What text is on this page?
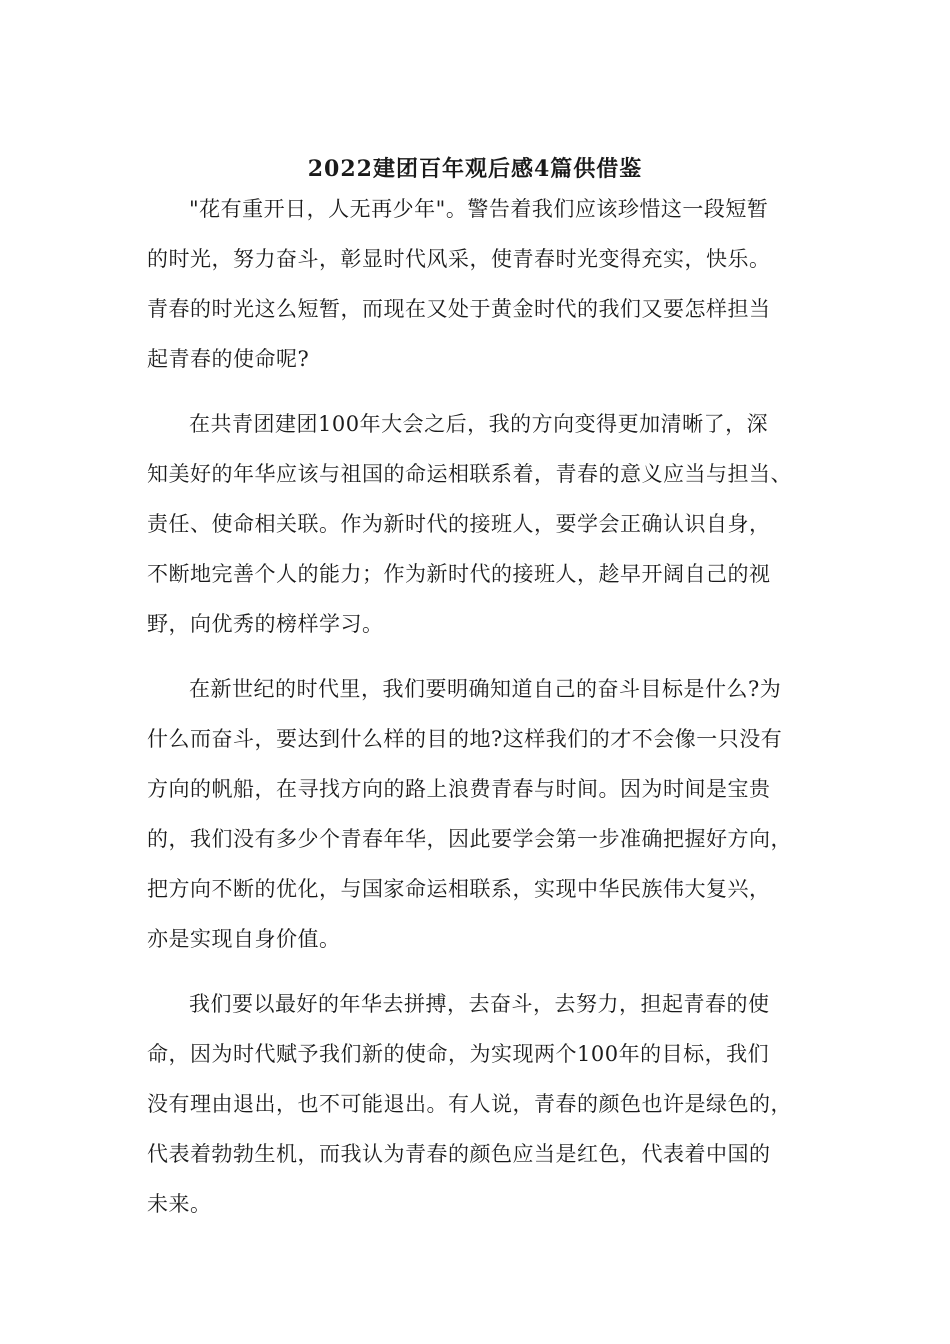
2022建团百年观后感4篇供借鉴

"花有重开日，人无再少年"。警告着我们应该珍惜这一段短暂
的时光，努力奋斗，彰显时代风采，使青春时光变得充实，快乐。
青春的时光这么短暂，而现在又处于黄金时代的我们又要怎样担当
起青春的使命呢?

在共青团建团100年大会之后，我的方向变得更加清晰了，深
知美好的年华应该与祖国的命运相联系着，青春的意义应当与担当、
责任、使命相关联。作为新时代的接班人，要学会正确认识自身，
不断地完善个人的能力；作为新时代的接班人，趁早开阔自己的视
野，向优秀的榜样学习。

在新世纪的时代里，我们要明确知道自己的奋斗目标是什么?为
什么而奋斗，要达到什么样的目的地?这样我们的才不会像一只没有
方向的帆船，在寻找方向的路上浪费青春与时间。因为时间是宝贵
的，我们没有多少个青春年华，因此要学会第一步准确把握好方向，
把方向不断的优化，与国家命运相联系，实现中华民族伟大复兴，
亦是实现自身价值。

我们要以最好的年华去拼搏，去奋斗，去努力，担起青春的使
命，因为时代赋予我们新的使命，为实现两个100年的目标，我们
没有理由退出，也不可能退出。有人说，青春的颜色也许是绿色的，
代表着勃勃生机，而我认为青春的颜色应当是红色，代表着中国的
未来。
